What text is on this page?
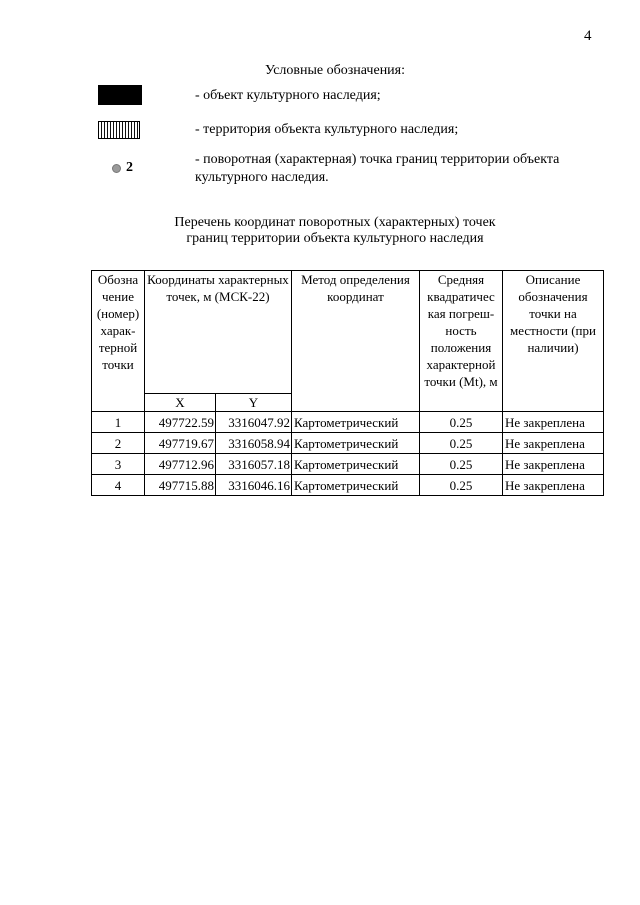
4
Условные обозначения:
- объект культурного наследия;
- территория объекта культурного наследия;
2
- поворотная (характерная) точка границ территории объекта культурного наследия.
Перечень координат поворотных (характерных) точек
границ территории объекта культурного наследия
Обозна чение (номер) харак- терной точки	Координаты характерных точек, м (МСК-22)		Метод определения координат	Средняя квадратичес кая погреш- ность положения характерной точки (Mt), м	Описание обозначения точки на местности (при наличии)
	X	Y			
1	497722.59	3316047.92	Картометрический	0.25	Не закреплена
2	497719.67	3316058.94	Картометрический	0.25	Не закреплена
3	497712.96	3316057.18	Картометрический	0.25	Не закреплена
4	497715.88	3316046.16	Картометрический	0.25	Не закреплена
